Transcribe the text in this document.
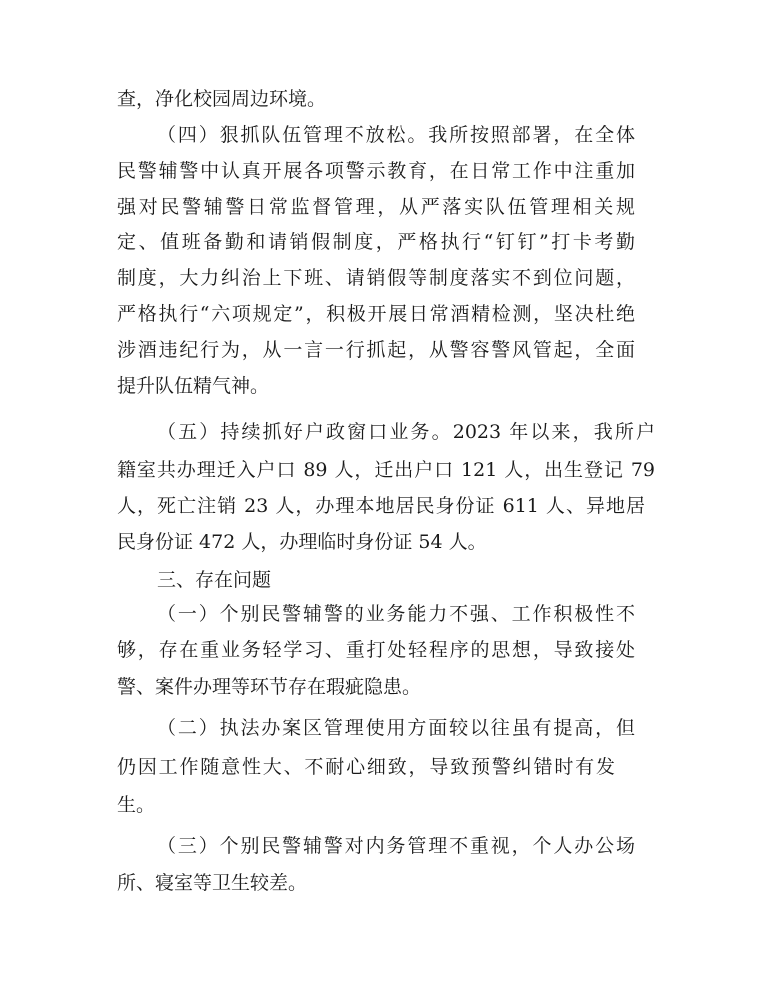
查，净化校园周边环境。
（四）狠抓队伍管理不放松。我所按照部署，在全体
民警辅警中认真开展各项警示教育，在日常工作中注重加
强对民警辅警日常监督管理，从严落实队伍管理相关规
定、值班备勤和请销假制度，严格执行“钉钉”打卡考勤
制度，大力纠治上下班、请销假等制度落实不到位问题，
严格执行“六项规定”，积极开展日常酒精检测，坚决杜绝
涉酒违纪行为，从一言一行抓起，从警容警风管起，全面
提升队伍精气神。
（五）持续抓好户政窗口业务。2023 年以来，我所户
籍室共办理迁入户口 89 人，迁出户口 121 人，出生登记 79
人，死亡注销 23 人，办理本地居民身份证 611 人、异地居
民身份证 472 人，办理临时身份证 54 人。
三、存在问题
（一）个别民警辅警的业务能力不强、工作积极性不
够，存在重业务轻学习、重打处轻程序的思想，导致接处
警、案件办理等环节存在瑕疵隐患。
（二）执法办案区管理使用方面较以往虽有提高，但
仍因工作随意性大、不耐心细致，导致预警纠错时有发
生。
（三）个别民警辅警对内务管理不重视，个人办公场
所、寝室等卫生较差。
